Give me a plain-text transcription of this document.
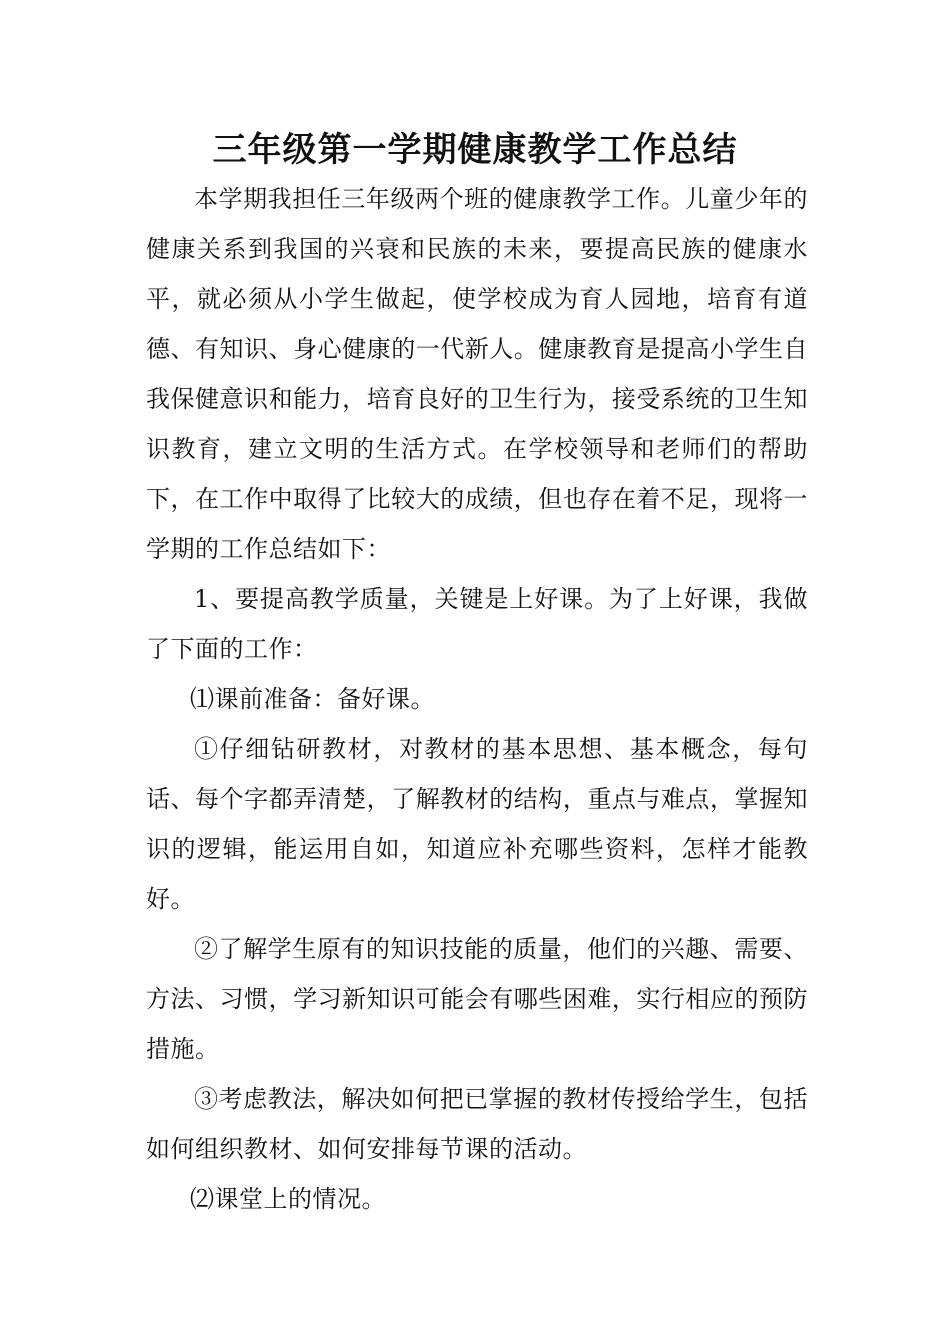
三年级第一学期健康教学工作总结

本学期我担任三年级两个班的健康教学工作。儿童少年的健康关系到我国的兴衰和民族的未来，要提高民族的健康水平，就必须从小学生做起，使学校成为育人园地，培育有道德、有知识、身心健康的一代新人。健康教育是提高小学生自我保健意识和能力，培育良好的卫生行为，接受系统的卫生知识教育，建立文明的生活方式。在学校领导和老师们的帮助下，在工作中取得了比较大的成绩，但也存在着不足，现将一学期的工作总结如下：

1、要提高教学质量，关键是上好课。为了上好课，我做了下面的工作：

⑴课前准备：备好课。

①仔细钻研教材，对教材的基本思想、基本概念，每句话、每个字都弄清楚，了解教材的结构，重点与难点，掌握知识的逻辑，能运用自如，知道应补充哪些资料，怎样才能教好。

②了解学生原有的知识技能的质量，他们的兴趣、需要、方法、习惯，学习新知识可能会有哪些困难，实行相应的预防措施。

③考虑教法，解决如何把已掌握的教材传授给学生，包括如何组织教材、如何安排每节课的活动。

⑵课堂上的情况。
